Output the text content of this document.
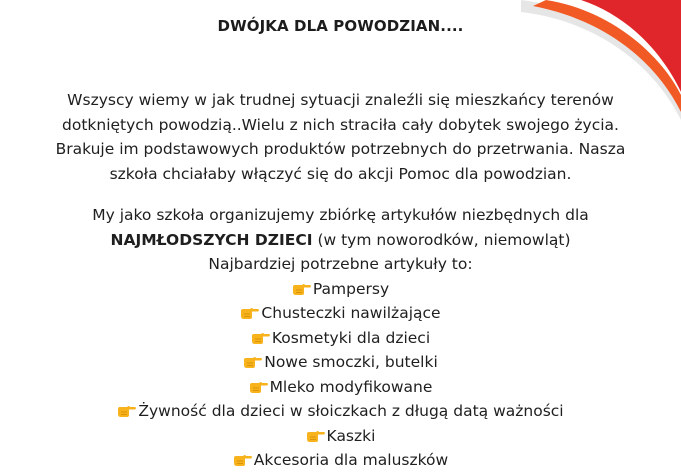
DWÓJKA DLA POWODZIAN....
Wszyscy wiemy w jak trudnej sytuacji znaleźli się mieszkańcy terenów
dotkniętych powodzią..Wielu z nich straciła cały dobytek swojego życia.
Brakuje im podstawowych produktów potrzebnych do przetrwania. Nasza
szkoła chciałaby włączyć się do akcji Pomoc dla powodzian.
My jako szkoła organizujemy zbiórkę artykułów niezbędnych dla
NAJMŁODSZYCH DZIECI (w tym noworodków, niemowląt)
Najbardziej potrzebne artykuły to:
Pampersy
Chusteczki nawilżające
Kosmetyki dla dzieci
Nowe smoczki, butelki
Mleko modyfikowane
Żywność dla dzieci w słoiczkach z długą datą ważności
Kaszki
Akcesoria dla maluszków
